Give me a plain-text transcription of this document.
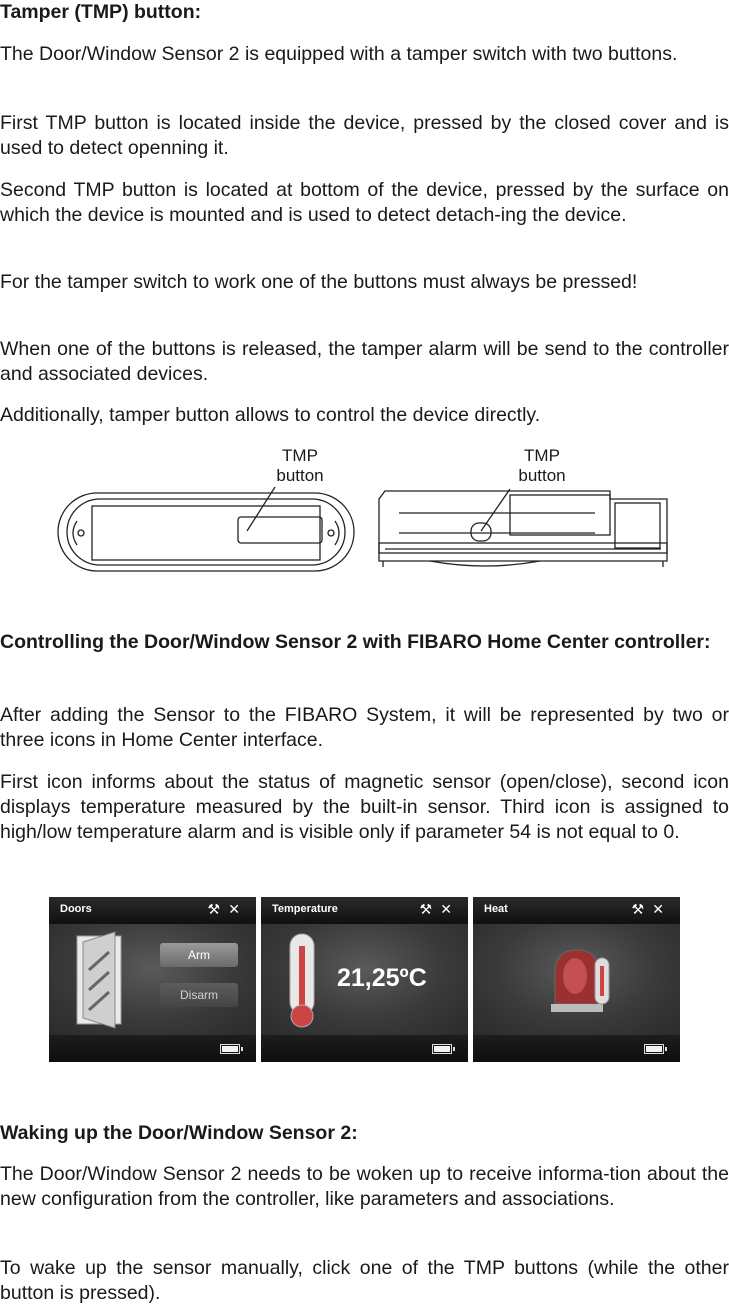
Tamper (TMP) button:

The Door/Window Sensor 2 is equipped with a tamper switch with two buttons.

First TMP button is located inside the device, pressed by the closed cover and is used to detect openning it.

Second TMP button is located at bottom of the device, pressed by the surface on which the device is mounted and is used to detect detach-ing the device.

For the tamper switch to work one of the buttons must always be pressed!

When one of the buttons is released, the tamper alarm will be send to the controller and associated devices.

Additionally, tamper button allows to control the device directly.

TMP
button
TMP
button
Controlling the Door/Window Sensor 2 with FIBARO Home Center controller:

After adding the Sensor to the FIBARO System, it will be represented by two or three icons in Home Center interface.

First icon informs about the status of magnetic sensor (open/close), second icon displays temperature measured by the built-in sensor. Third icon is assigned to high/low temperature alarm and is visible only if parameter 54 is not equal to 0.

Doors	⚒ ✕
Arm
Disarm
Temperature	⚒ ✕
21,25ºC
Heat	⚒ ✕
Waking up the Door/Window Sensor 2:

The Door/Window Sensor 2 needs to be woken up to receive informa-tion about the new configuration from the controller, like parameters and associations.

To wake up the sensor manually, click one of the TMP buttons (while the other button is pressed).
